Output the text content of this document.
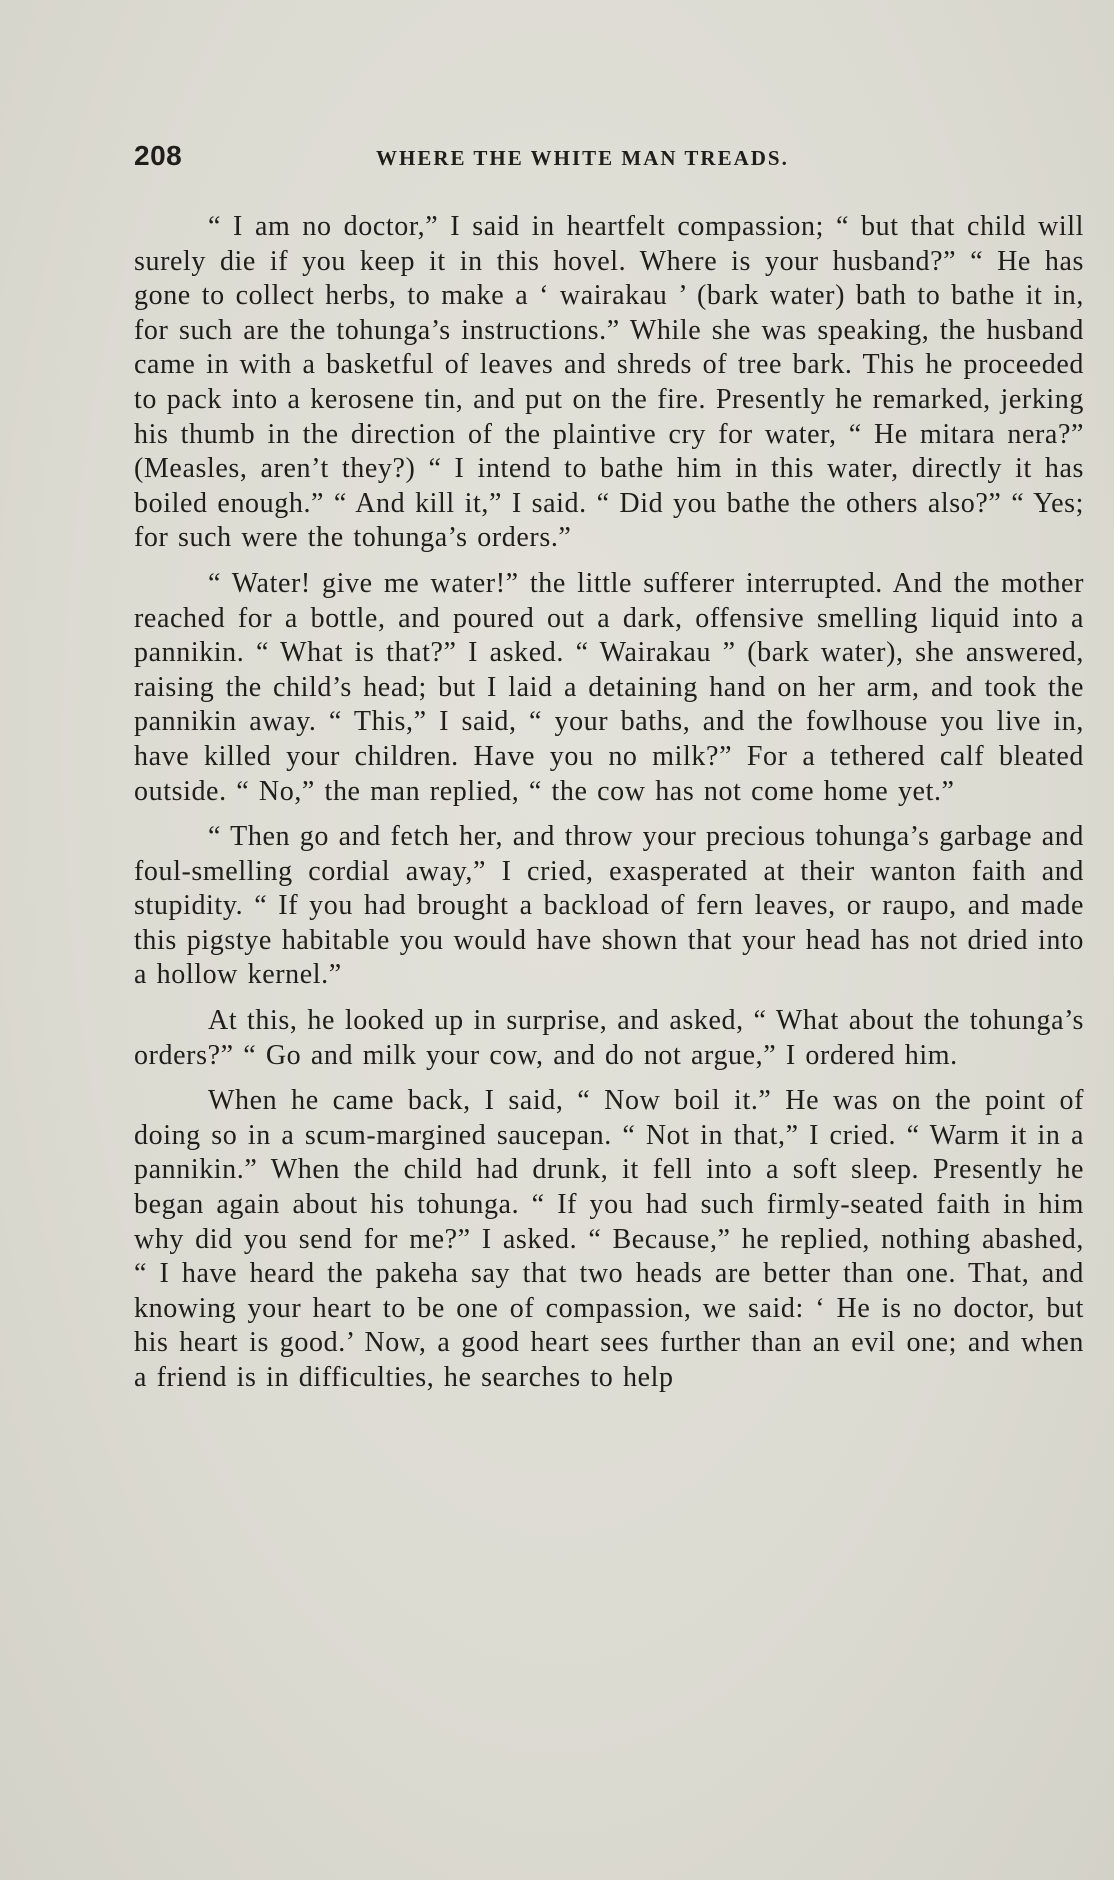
208	WHERE THE WHITE MAN TREADS.

“ I am no doctor,” I said in heartfelt compassion; “ but that child will surely die if you keep it in this hovel. Where is your husband?” “ He has gone to collect herbs, to make a ‘ wairakau ’ (bark water) bath to bathe it in, for such are the tohunga’s instructions.” While she was speaking, the husband came in with a basketful of leaves and shreds of tree bark. This he proceeded to pack into a kerosene tin, and put on the fire. Presently he remarked, jerking his thumb in the direction of the plaintive cry for water, “ He mitara nera?” (Measles, aren’t they?) “ I intend to bathe him in this water, directly it has boiled enough.” “ And kill it,” I said. “ Did you bathe the others also?” “ Yes; for such were the tohunga’s orders.”

“ Water! give me water!” the little sufferer interrupted. And the mother reached for a bottle, and poured out a dark, offensive smelling liquid into a pannikin. “ What is that?” I asked. “ Wairakau ” (bark water), she answered, raising the child’s head; but I laid a detaining hand on her arm, and took the pannikin away. “ This,” I said, “ your baths, and the fowlhouse you live in, have killed your children. Have you no milk?” For a tethered calf bleated outside. “ No,” the man replied, “ the cow has not come home yet.”

“ Then go and fetch her, and throw your precious tohunga’s garbage and foul-smelling cordial away,” I cried, exasperated at their wanton faith and stupidity. “ If you had brought a backload of fern leaves, or raupo, and made this pigstye habitable you would have shown that your head has not dried into a hollow kernel.”

At this, he looked up in surprise, and asked, “ What about the tohunga’s orders?” “ Go and milk your cow, and do not argue,” I ordered him.

When he came back, I said, “ Now boil it.” He was on the point of doing so in a scum-margined saucepan. “ Not in that,” I cried. “ Warm it in a pannikin.” When the child had drunk, it fell into a soft sleep. Presently he began again about his tohunga. “ If you had such firmly-seated faith in him why did you send for me?” I asked. “ Because,” he replied, nothing abashed, “ I have heard the pakeha say that two heads are better than one. That, and knowing your heart to be one of compassion, we said: ‘ He is no doctor, but his heart is good.’ Now, a good heart sees further than an evil one; and when a friend is in difficulties, he searches to help
